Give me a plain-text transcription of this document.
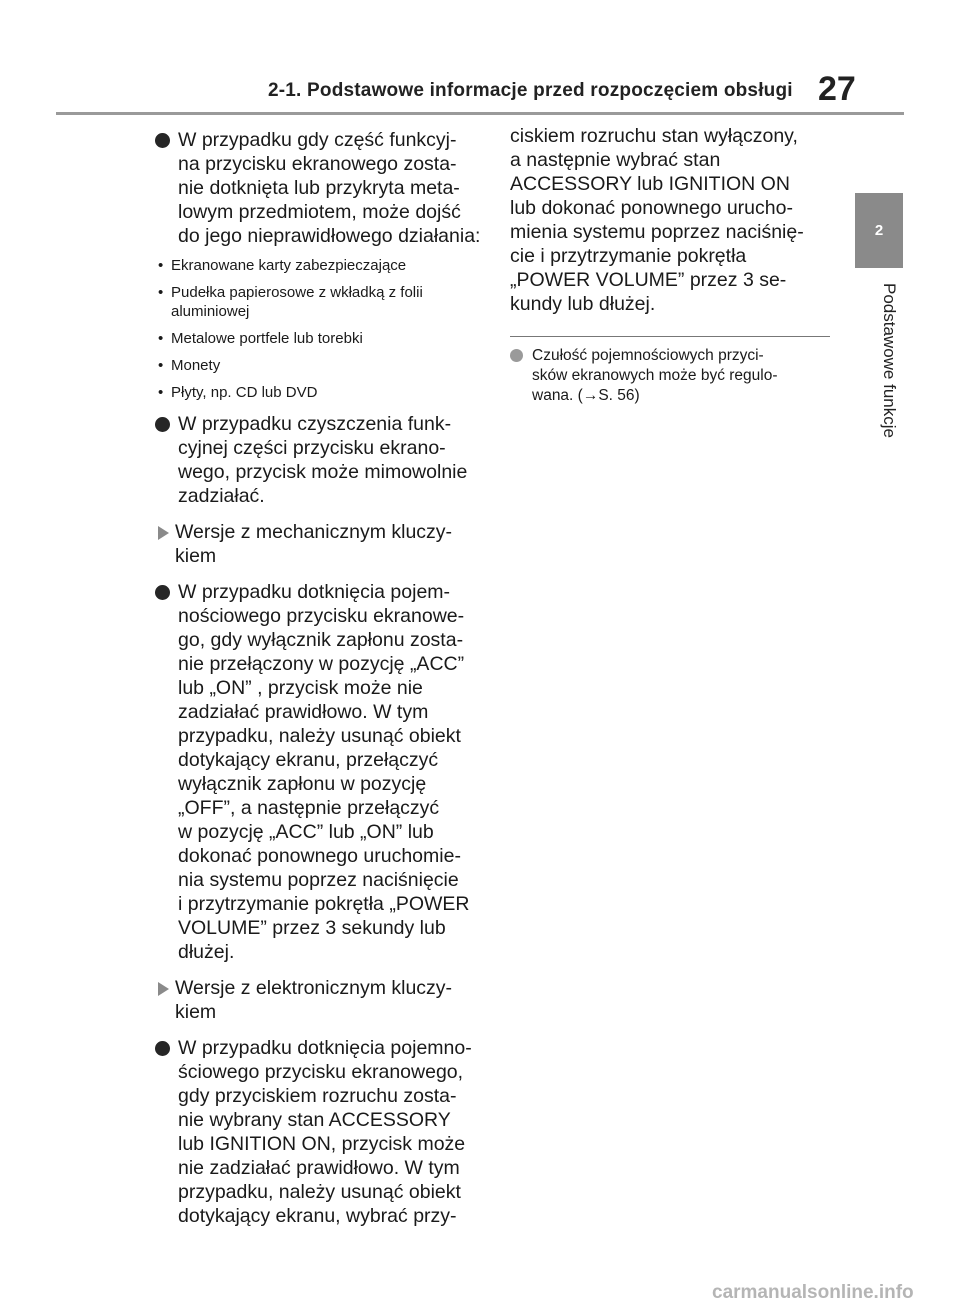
2-1. Podstawowe informacje przed rozpoczęciem obsługi 27
2
Podstawowe funkcje
W przypadku gdy część funkcyj-
na przycisku ekranowego zosta-
nie dotknięta lub przykryta meta-
lowym przedmiotem, może dojść
do jego nieprawidłowego działania:
• Ekranowane karty zabezpieczające
• Pudełka papierosowe z wkładką z folii
aluminiowej
• Metalowe portfele lub torebki
• Monety
• Płyty, np. CD lub DVD
W przypadku czyszczenia funk-
cyjnej części przycisku ekrano-
wego, przycisk może mimowolnie
zadziałać.
Wersje z mechanicznym kluczy-
kiem
W przypadku dotknięcia pojem-
nościowego przycisku ekranowe-
go, gdy wyłącznik zapłonu zosta-
nie przełączony w pozycję „ACC”
lub „ON” , przycisk może nie
zadziałać prawidłowo. W tym
przypadku, należy usunąć obiekt
dotykający ekranu, przełączyć
wyłącznik zapłonu w pozycję
„OFF”, a następnie przełączyć
w pozycję „ACC” lub „ON” lub
dokonać ponownego uruchomie-
nia systemu poprzez naciśnięcie
i przytrzymanie pokrętła „POWER
VOLUME” przez 3 sekundy lub
dłużej.
Wersje z elektronicznym kluczy-
kiem
W przypadku dotknięcia pojemno-
ściowego przycisku ekranowego,
gdy przyciskiem rozruchu zosta-
nie wybrany stan ACCESSORY
lub IGNITION ON, przycisk może
nie zadziałać prawidłowo. W tym
przypadku, należy usunąć obiekt
dotykający ekranu, wybrać przy-
ciskiem rozruchu stan wyłączony,
a następnie wybrać stan
ACCESSORY lub IGNITION ON
lub dokonać ponownego urucho-
mienia systemu poprzez naciśnię-
cie i przytrzymanie pokrętła
„POWER VOLUME” przez 3 se-
kundy lub dłużej.
Czułość pojemnościowych przyci-
sków ekranowych może być regulo-
wana. (→S. 56)
carmanualsonline.info
